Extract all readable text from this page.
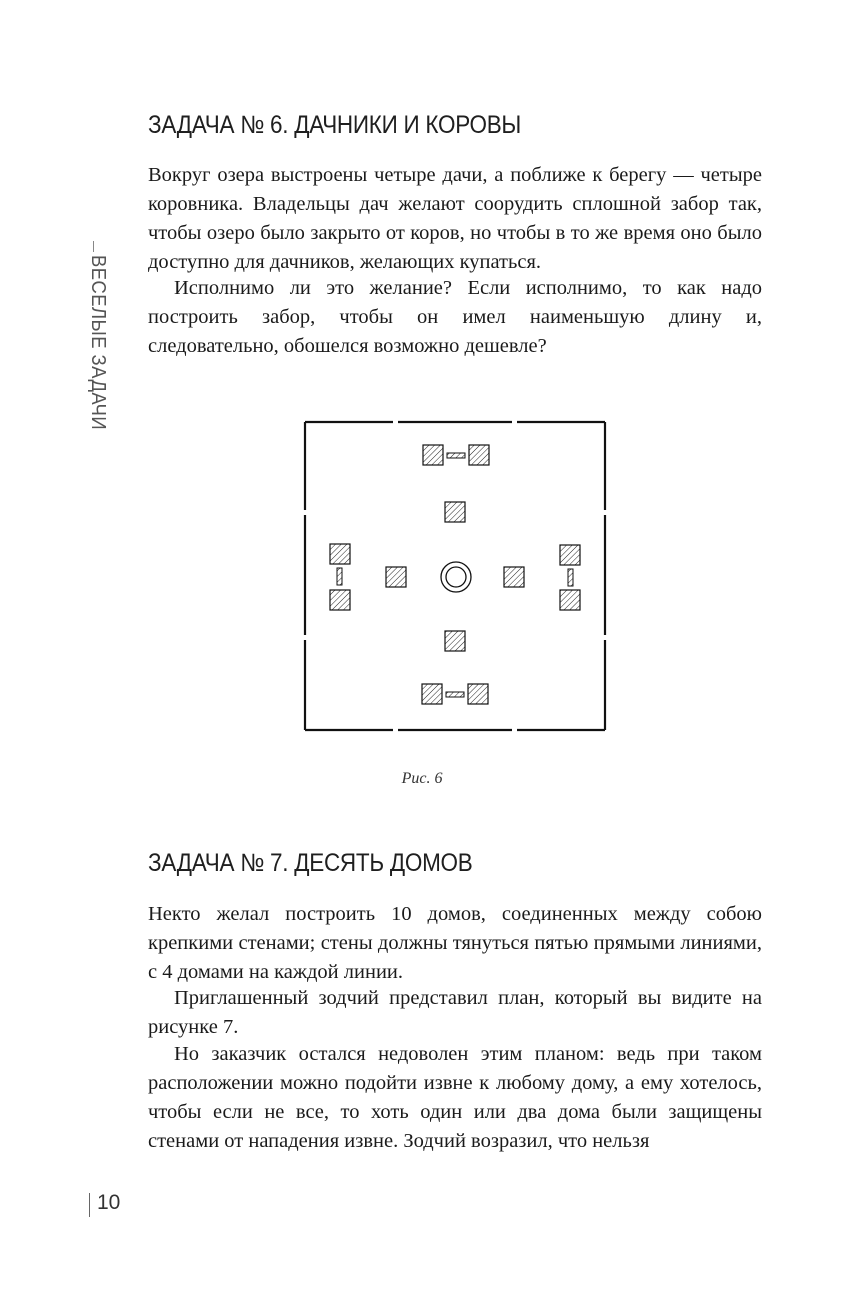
ВЕСЕЛЫЕ ЗАДАЧИ
ЗАДАЧА № 6. ДАЧНИКИ И КОРОВЫ

Вокруг озера выстроены четыре дачи, а поближе к берегу — четыре коровника. Владельцы дач желают соорудить сплошной забор так, чтобы озеро было закрыто от коров, но чтобы в то же время оно было доступно для дачников, желающих купаться.

Исполнимо ли это желание? Если исполнимо, то как надо построить забор, чтобы он имел наименьшую длину и, следовательно, обошелся возможно дешевле?

Рис. 6
ЗАДАЧА № 7. ДЕСЯТЬ ДОМОВ

Некто желал построить 10 домов, соединенных между собою крепкими стенами; стены должны тянуться пятью прямыми линиями, с 4 домами на каждой линии.

Приглашенный зодчий представил план, который вы видите на рисунке 7.

Но заказчик остался недоволен этим планом: ведь при таком расположении можно подойти извне к любому дому, а ему хотелось, чтобы если не все, то хоть один или два дома были защищены стенами от нападения извне. Зодчий возразил, что нельзя

10
